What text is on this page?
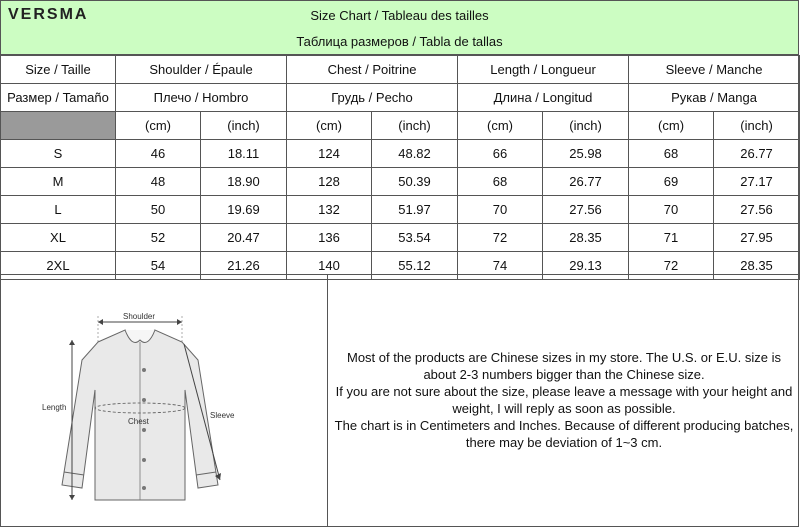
VERSMA	Size Chart / Tableau des tailles
Таблица размеров / Tabla de tallas
Size / Taille	Shoulder / Épaule		Chest / Poitrine		Length / Longueur		Sleeve / Manche	
Размер / Tamaño	Плечо / Hombro		Грудь / Pecho		Длина / Longitud		Рукав / Manga	
	(cm)	(inch)	(cm)	(inch)	(cm)	(inch)	(cm)	(inch)
S	46	18.11	124	48.82	66	25.98	68	26.77
M	48	18.90	128	50.39	68	26.77	69	27.17
L	50	19.69	132	51.97	70	27.56	70	27.56
XL	52	20.47	136	53.54	72	28.35	71	27.95
2XL	54	21.26	140	55.12	74	29.13	72	28.35
Shoulder
Length
Chest
Sleeve
Most of the products are Chinese sizes in my store. The U.S. or E.U. size is
about 2-3 numbers bigger than the Chinese size.
If you are not sure about the size, please leave a message with your height and
weight, I will reply as soon as possible.
The chart is in Centimeters and Inches. Because of different producing batches,
there may be deviation of 1~3 cm.
